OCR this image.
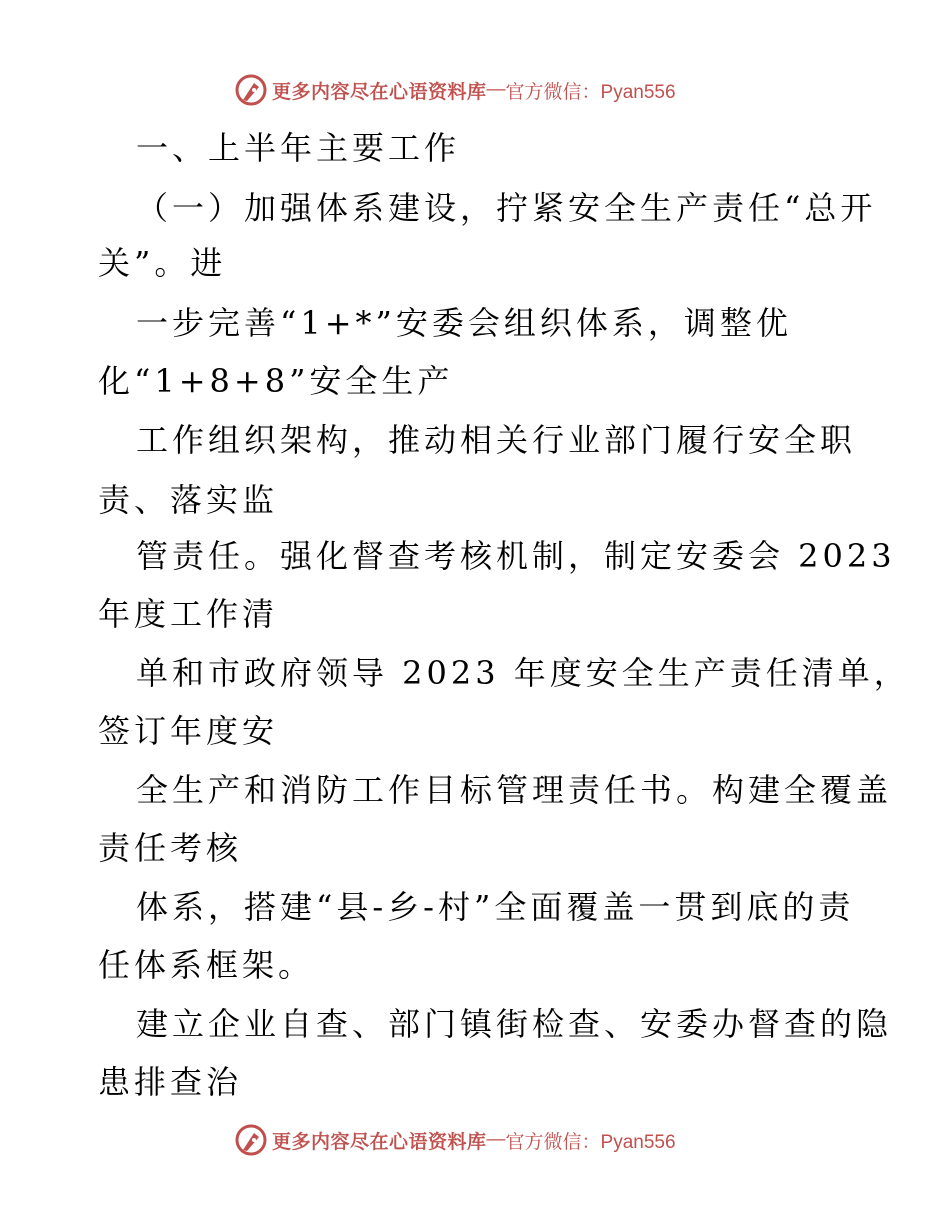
更多内容尽在心语资料库 — 官方微信：Pyan556
一、上半年主要工作
（一）加强体系建设，拧紧安全生产责任“总开
关”。进
一步完善“1+*”安委会组织体系，调整优
化“1+8+8”安全生产
工作组织架构，推动相关行业部门履行安全职
责、落实监
管责任。强化督查考核机制，制定安委会 2023
年度工作清
单和市政府领导 2023 年度安全生产责任清单，
签订年度安
全生产和消防工作目标管理责任书。构建全覆盖
责任考核
体系，搭建“县-乡-村”全面覆盖一贯到底的责
任体系框架。
建立企业自查、部门镇街检查、安委办督查的隐
患排查治
更多内容尽在心语资料库 — 官方微信：Pyan556
